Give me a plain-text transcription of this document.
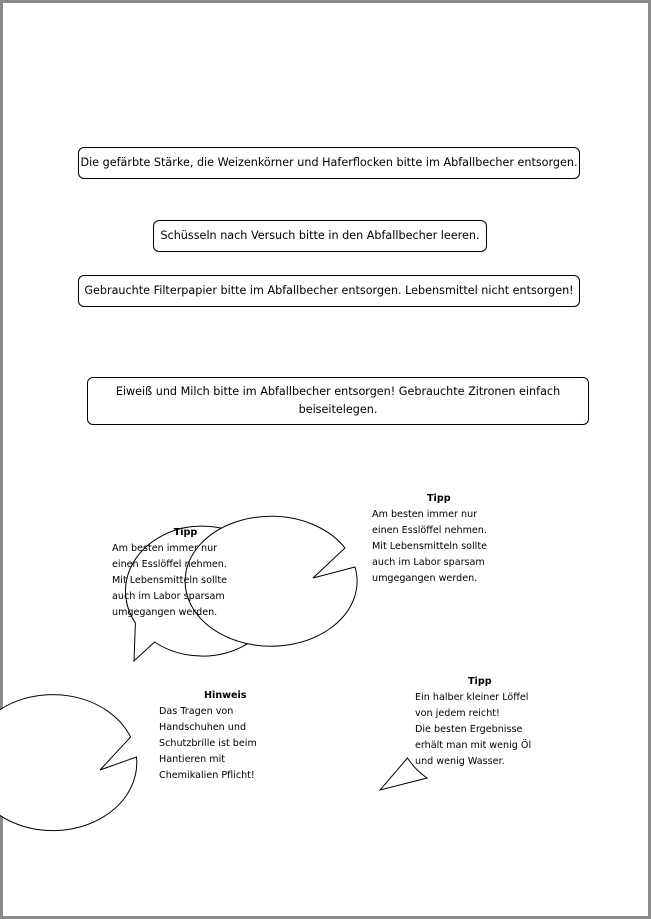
Die gefärbte Stärke, die Weizenkörner und Haferflocken bitte im Abfallbecher entsorgen.
Schüsseln nach Versuch bitte in den Abfallbecher leeren.
Gebrauchte Filterpapier bitte im Abfallbecher entsorgen. Lebensmittel nicht entsorgen!
Eiweiß und Milch bitte im Abfallbecher entsorgen! Gebrauchte Zitronen einfach beiseitelegen.
Tipp
Am besten immer nur
einen Esslöffel nehmen.
Mit Lebensmitteln sollte
auch im Labor sparsam
umgegangen werden.
Tipp
Am besten immer nur
einen Esslöffel nehmen.
Mit Lebensmitteln sollte
auch im Labor sparsam
umgegangen werden.
Hinweis
Das Tragen von
Handschuhen und
Schutzbrille ist beim
Hantieren mit
Chemikalien Pflicht!
Tipp
Ein halber kleiner Löffel
von jedem reicht!
Die besten Ergebnisse
erhält man mit wenig Öl
und wenig Wasser.
